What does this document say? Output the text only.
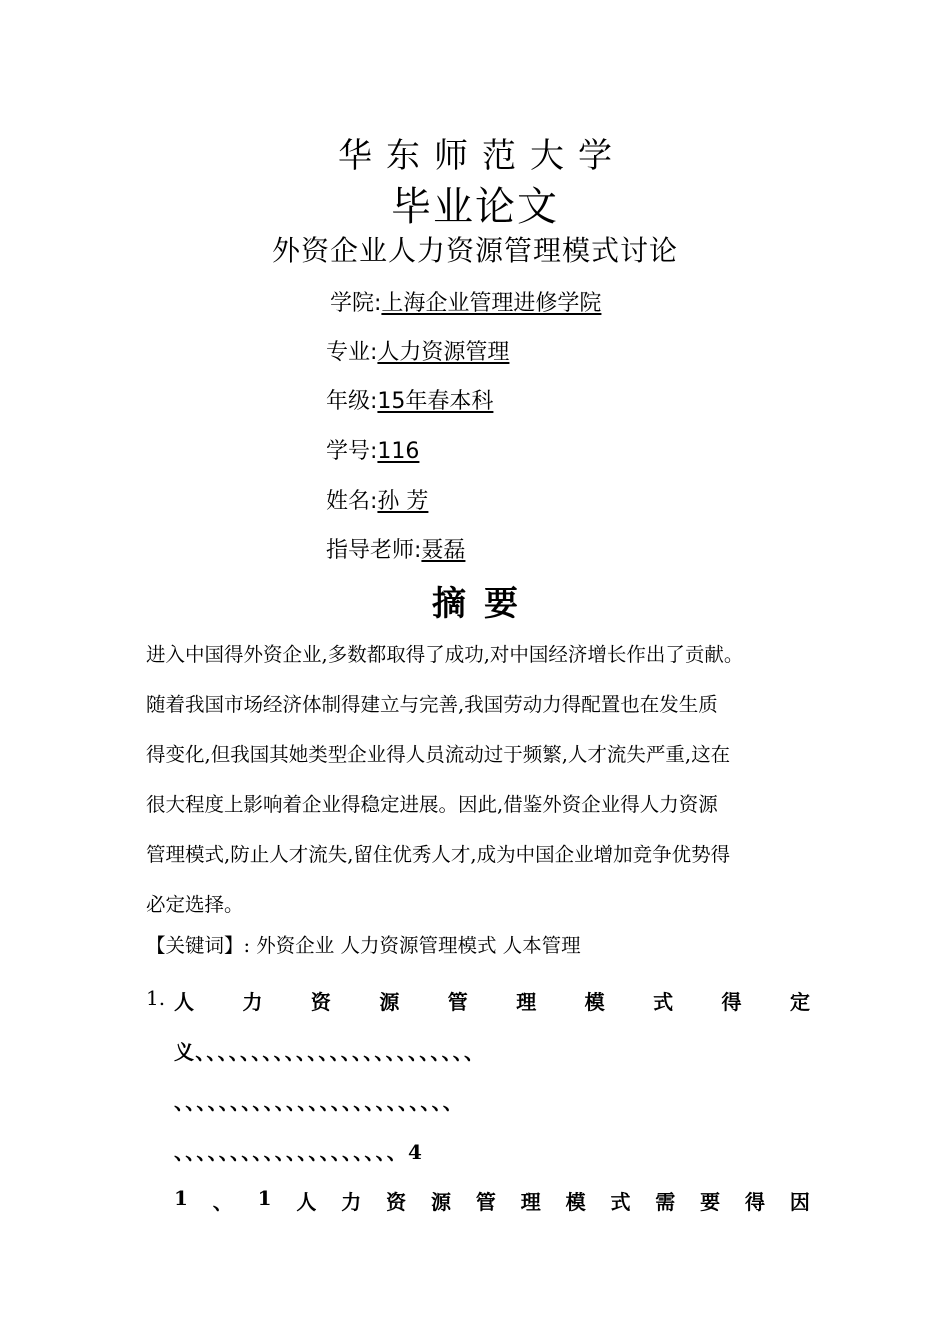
华东师范大学
毕业论文
外资企业人力资源管理模式讨论
学院:上海企业管理进修学院
专业:人力资源管理
年级:15年春本科
学号:116
姓名:孙 芳
指导老师:聂磊
摘要
进入中国得外资企业,多数都取得了成功,对中国经济增长作出了贡献。
随着我国市场经济体制得建立与完善,我国劳动力得配置也在发生质
得变化,但我国其她类型企业得人员流动过于频繁,人才流失严重,这在
很大程度上影响着企业得稳定进展。因此,借鉴外资企业得人力资源
管理模式,防止人才流失,留住优秀人才,成为中国企业增加竞争优势得
必定选择。
【关键词】: 外资企业 人力资源管理模式 人本管理
1. 人 力 资 源 管 理 模 式 得 定
义、、、、、、、、、、、、、、、、、、、、、、、、、
、、、、、、、、、、、、、、、、、、、、、、、、、
、、、、、、、、、、、、、、、、、、、、4
1 、 1 人 力 资 源 管 理 模 式 需 要 得 因
